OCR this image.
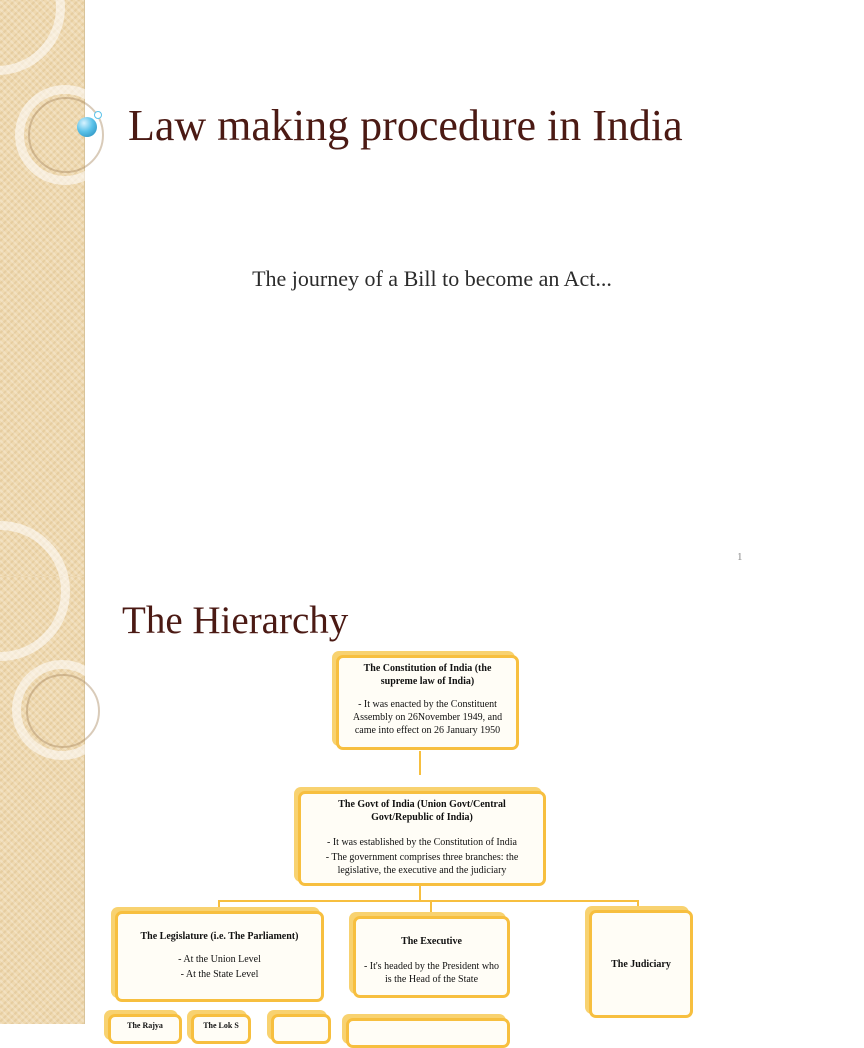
Law making procedure in India
The journey of a Bill to become an Act...
1
The Hierarchy
The Constitution of India (the supreme law of India)
- It was enacted by the Constituent Assembly on 26November 1949, and came into effect on 26 January 1950
The Govt of India (Union Govt/Central Govt/Republic of India)
- It was established by the Constitution of India
- The government comprises three branches: the legislative, the executive and the judiciary
The Legislature (i.e. The Parliament)
- At the Union Level
- At the State Level
The Executive
- It's headed by the President who is the Head of the State
The Judiciary
The Rajya	The Lok S
